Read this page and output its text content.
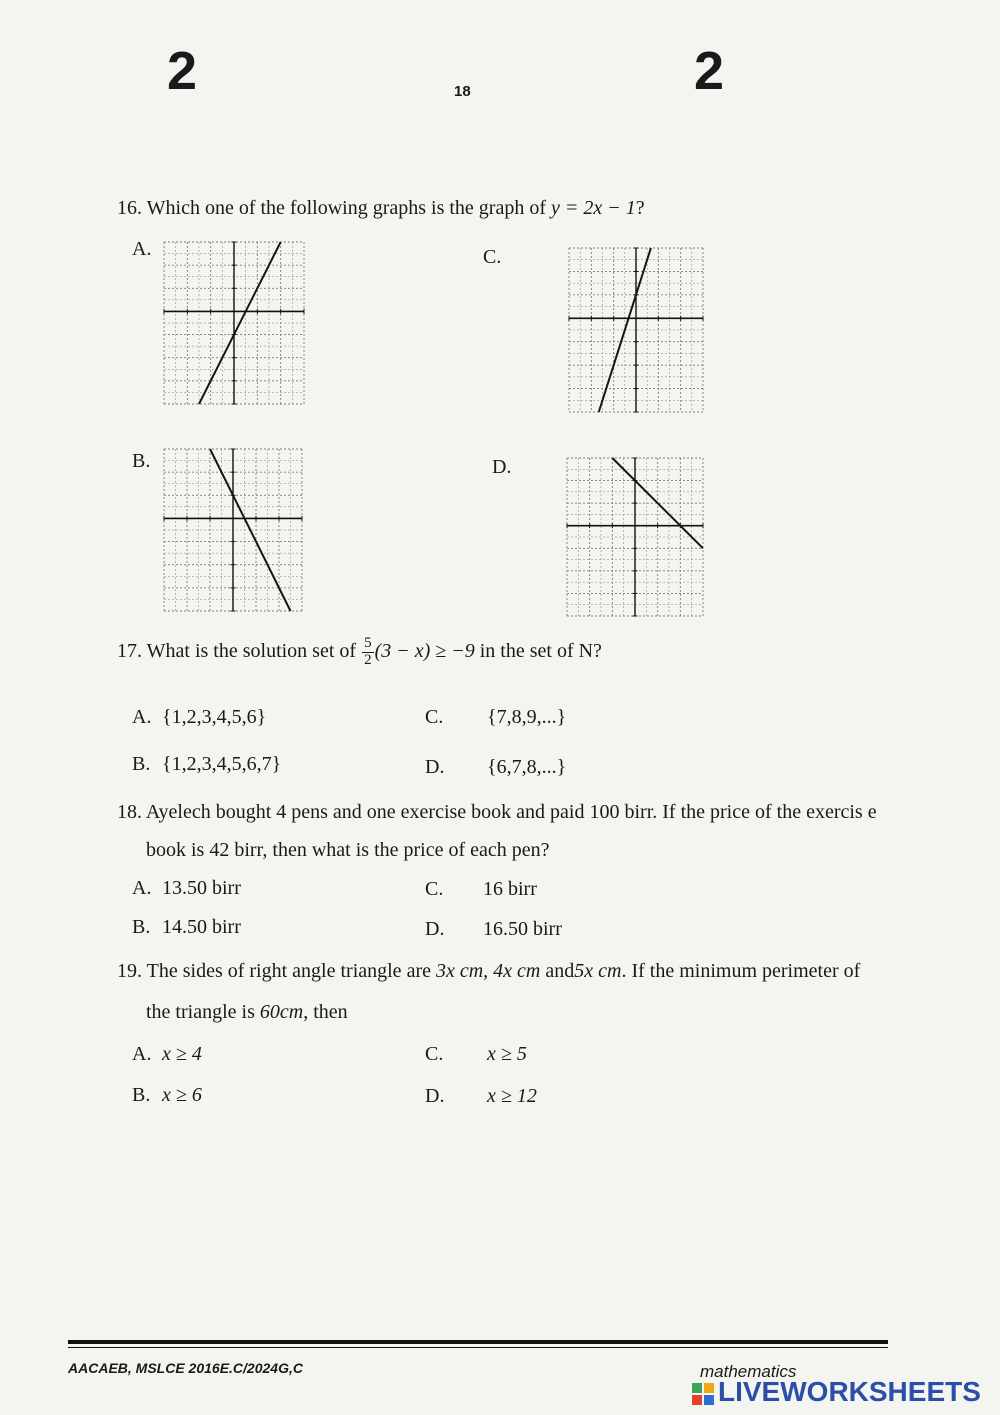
2	18	2
16. Which one of the following graphs is the graph of y = 2x − 1?
A.	C.
B.	D.
17. What is the solution set of $\frac{5}{2} (3 - x) \ge -9$ in the set of N?
A. {1,2,3,4,5,6}	C. {7,8,9,...}
B. {1,2,3,4,5,6,7}	D. {6,7,8,...}
18. Ayelech bought 4 pens and one exercise book and paid 100 birr. If the price of the exercis e
book is 42 birr, then what is the price of each pen?
A. 13.50 birr	C. 16 birr
B. 14.50 birr	D. 16.50 birr
19. The sides of right angle triangle are 3x cm, 4x cm and5x cm. If the minimum perimeter of
the triangle is 60cm, then
A. x ≥ 4	C. x ≥ 5
B. x ≥ 6	D. x ≥ 12
AACAEB, MSLCE 2016E.C/2024G,C	mathematics
LIVEWORKSHEETS
